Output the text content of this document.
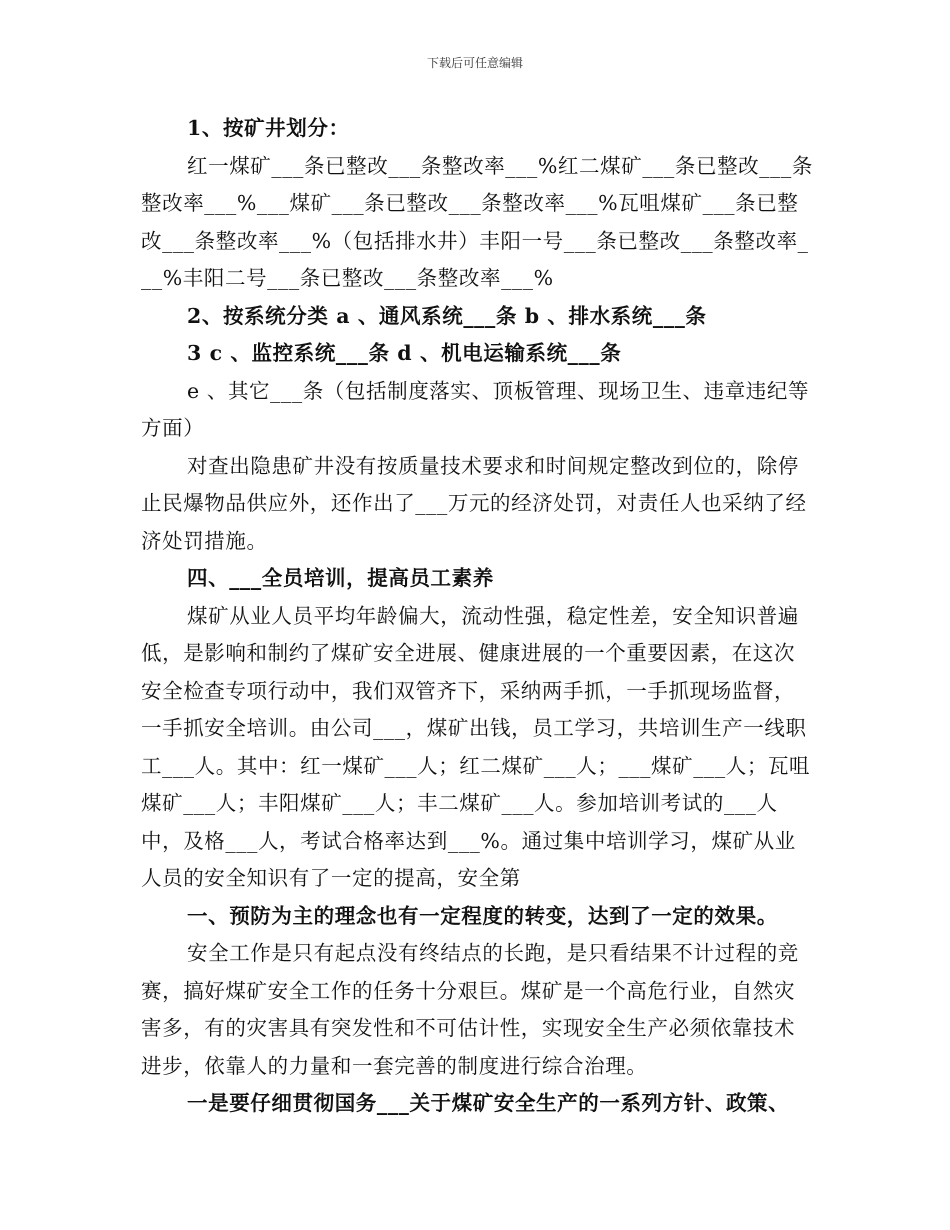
下载后可任意编辑

1、按矿井划分：

红一煤矿___条已整改___条整改率___%红二煤矿___条已整改___条整改率___%___煤矿___条已整改___条整改率___%瓦咀煤矿___条已整改___条整改率___%（包括排水井）丰阳一号___条已整改___条整改率___%丰阳二号___条已整改___条整改率___%

2、按系统分类 a 、通风系统___条 b 、排水系统___条

3 c 、监控系统___条 d 、机电运输系统___条

e 、其它___条（包括制度落实、顶板管理、现场卫生、违章违纪等方面）

对查出隐患矿井没有按质量技术要求和时间规定整改到位的，除停止民爆物品供应外，还作出了___万元的经济处罚，对责任人也采纳了经济处罚措施。

四、___全员培训，提高员工素养

煤矿从业人员平均年龄偏大，流动性强，稳定性差，安全知识普遍低，是影响和制约了煤矿安全进展、健康进展的一个重要因素，在这次安全检查专项行动中，我们双管齐下，采纳两手抓，一手抓现场监督，一手抓安全培训。由公司___，煤矿出钱，员工学习，共培训生产一线职工___人。其中：红一煤矿___人；红二煤矿___人；___煤矿___人；瓦咀煤矿___人；丰阳煤矿___人；丰二煤矿___人。参加培训考试的___人中，及格___人，考试合格率达到___%。通过集中培训学习，煤矿从业人员的安全知识有了一定的提高，安全第

一、预防为主的理念也有一定程度的转变，达到了一定的效果。

安全工作是只有起点没有终结点的长跑，是只看结果不计过程的竞赛，搞好煤矿安全工作的任务十分艰巨。煤矿是一个高危行业，自然灾害多，有的灾害具有突发性和不可估计性，实现安全生产必须依靠技术进步，依靠人的力量和一套完善的制度进行综合治理。

一是要仔细贯彻国务___关于煤矿安全生产的一系列方针、政策、
